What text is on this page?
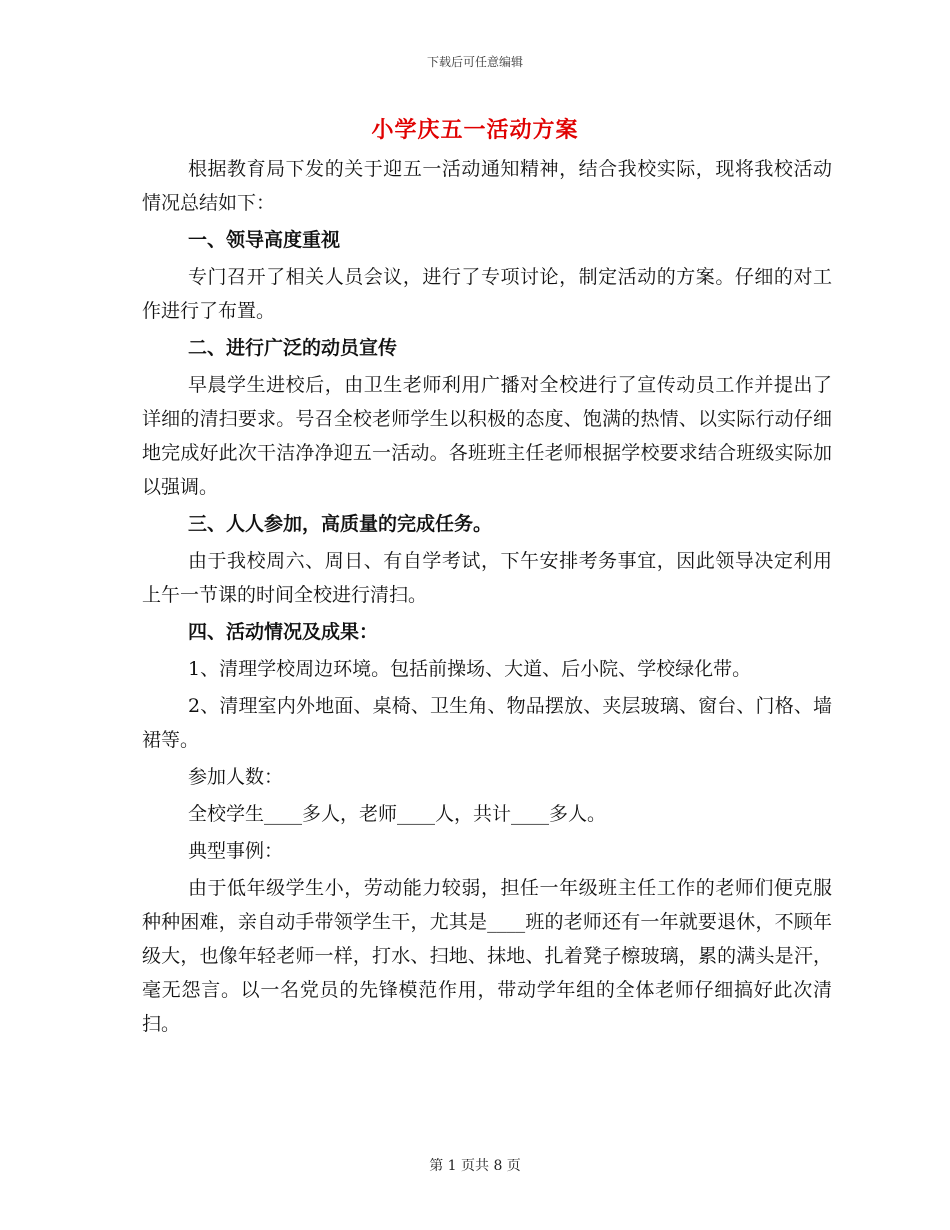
下载后可任意编辑
小学庆五一活动方案

根据教育局下发的关于迎五一活动通知精神，结合我校实际，现将我校活动情况总结如下：

一、领导高度重视

专门召开了相关人员会议，进行了专项讨论，制定活动的方案。仔细的对工作进行了布置。

二、进行广泛的动员宣传

早晨学生进校后，由卫生老师利用广播对全校进行了宣传动员工作并提出了详细的清扫要求。号召全校老师学生以积极的态度、饱满的热情、以实际行动仔细地完成好此次干洁净净迎五一活动。各班班主任老师根据学校要求结合班级实际加以强调。

三、人人参加，高质量的完成任务。

由于我校周六、周日、有自学考试，下午安排考务事宜，因此领导决定利用上午一节课的时间全校进行清扫。

四、活动情况及成果：

1、清理学校周边环境。包括前操场、大道、后小院、学校绿化带。

2、清理室内外地面、桌椅、卫生角、物品摆放、夹层玻璃、窗台、门格、墙裙等。

参加人数：

全校学生____多人，老师____人，共计____多人。

典型事例：

由于低年级学生小，劳动能力较弱，担任一年级班主任工作的老师们便克服种种困难，亲自动手带领学生干，尤其是____班的老师还有一年就要退休，不顾年级大，也像年轻老师一样，打水、扫地、抹地、扎着凳子檫玻璃，累的满头是汗，毫无怨言。以一名党员的先锋模范作用，带动学年组的全体老师仔细搞好此次清扫。

第 1 页共 8 页
